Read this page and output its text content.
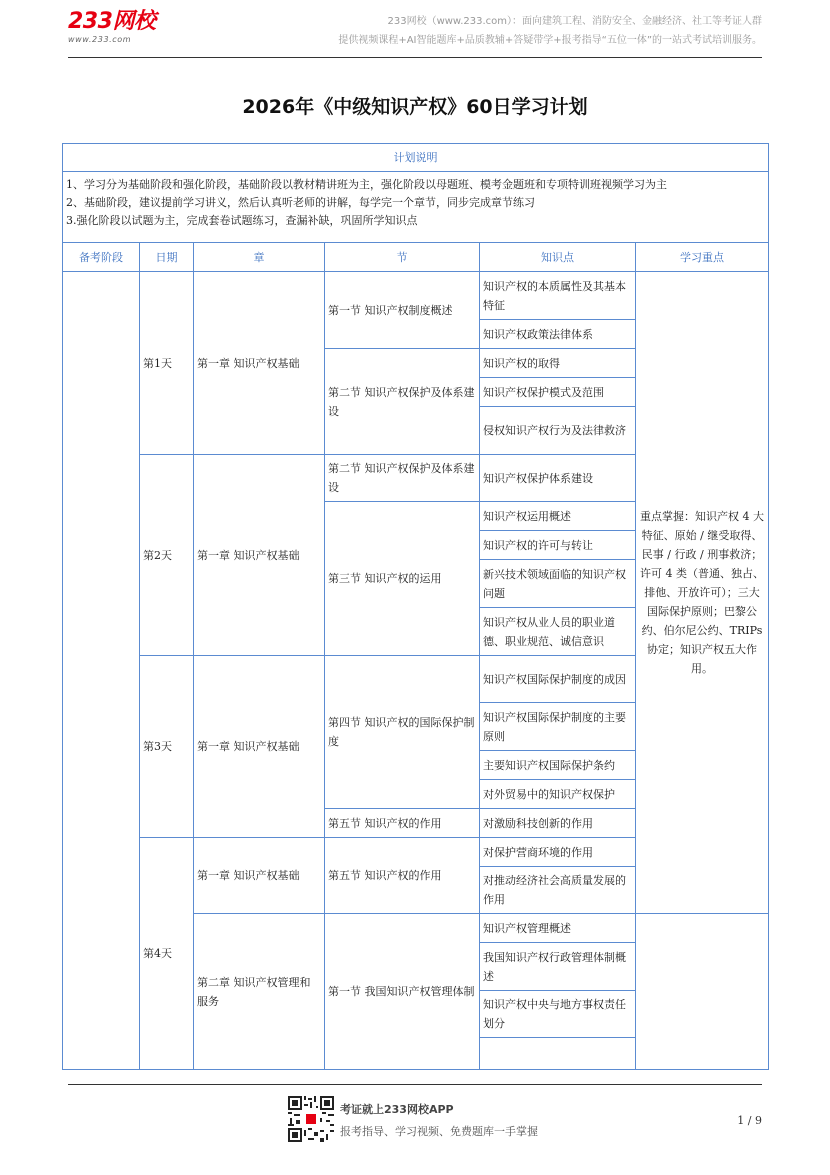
233网校
www.233.com
233网校（www.233.com）：面向建筑工程、消防安全、金融经济、社工等考证人群
提供视频课程+AI智能题库+品质教辅+答疑带学+报考指导“五位一体”的一站式考试培训服务。
2026年《中级知识产权》60日学习计划
计划说明					

1、学习分为基础阶段和强化阶段，基础阶段以教材精讲班为主，强化阶段以母题班、模考金题班和专项特训班视频学习为主
2、基础阶段，建议提前学习讲义，然后认真听老师的讲解，每学完一个章节，同步完成章节练习
3.强化阶段以试题为主，完成套卷试题练习，查漏补缺，巩固所学知识点					

备考阶段	日期	章	节	知识点	学习重点
	第1天	第一章 知识产权基础	第一节 知识产权制度概述	知识产权的本质属性及其基本特征	重点掌握：知识产权 4 大特征、原始 / 继受取得、民事 / 行政 / 刑事救济；许可 4 类（普通、独占、排他、开放许可）；三大国际保护原则；巴黎公约、伯尔尼公约、TRIPs 协定；知识产权五大作用。
				知识产权政策法律体系	
			第二节 知识产权保护及体系建设	知识产权的取得	
				知识产权保护模式及范围	
				侵权知识产权行为及法律救济	
	第2天	第一章 知识产权基础	第二节 知识产权保护及体系建设	知识产权保护体系建设	
			第三节 知识产权的运用	知识产权运用概述	
				知识产权的许可与转让	
				新兴技术领域面临的知识产权问题	
				知识产权从业人员的职业道德、职业规范、诚信意识	
	第3天	第一章 知识产权基础	第四节 知识产权的国际保护制度	知识产权国际保护制度的成因	
				知识产权国际保护制度的主要原则	
				主要知识产权国际保护条约	
				对外贸易中的知识产权保护	
			第五节 知识产权的作用	对激励科技创新的作用	
	第4天	第一章 知识产权基础	第五节 知识产权的作用	对保护营商环境的作用	
				对推动经济社会高质量发展的作用	
		第二章 知识产权管理和服务	第一节 我国知识产权管理体制	知识产权管理概述	
				我国知识产权行政管理体制概述	
				知识产权中央与地方事权责任划分	

考证就上233网校APP
报考指导、学习视频、免费题库一手掌握
1 / 9
